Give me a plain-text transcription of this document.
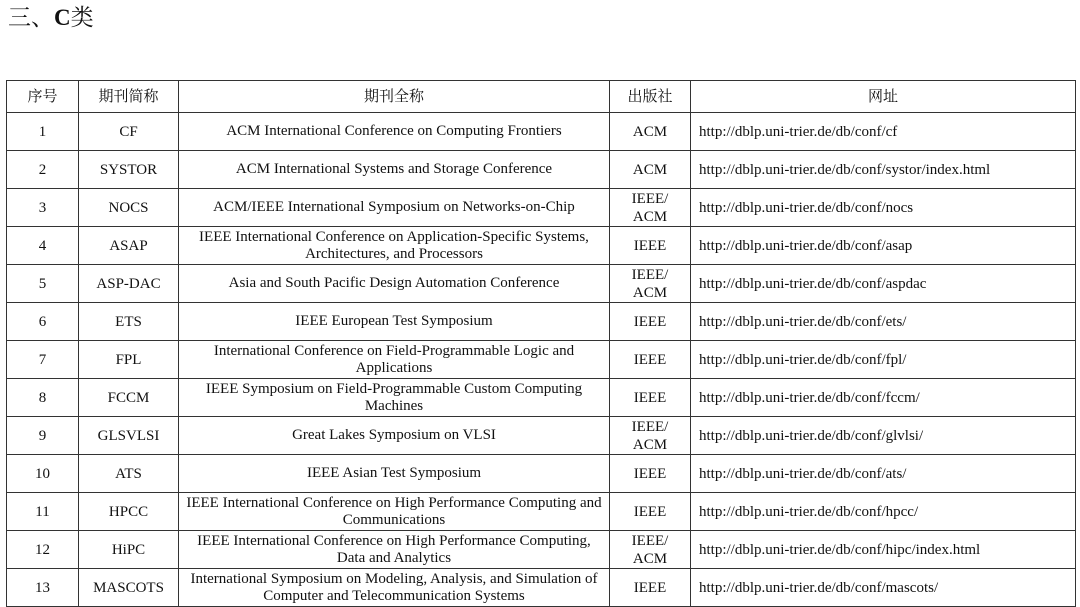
三、C类
序号	期刊简称	期刊全称	出版社	网址
1	CF	ACM International Conference on Computing Frontiers	ACM	http://dblp.uni-trier.de/db/conf/cf
2	SYSTOR	ACM International Systems and Storage Conference	ACM	http://dblp.uni-trier.de/db/conf/systor/index.html
3	NOCS	ACM/IEEE International Symposium on Networks-on-Chip	IEEE/ ACM	http://dblp.uni-trier.de/db/conf/nocs
4	ASAP	IEEE International Conference on Application-Specific Systems, Architectures, and Processors	IEEE	http://dblp.uni-trier.de/db/conf/asap
5	ASP-DAC	Asia and South Pacific Design Automation Conference	IEEE/ ACM	http://dblp.uni-trier.de/db/conf/aspdac
6	ETS	IEEE European Test Symposium	IEEE	http://dblp.uni-trier.de/db/conf/ets/
7	FPL	International Conference on Field-Programmable Logic and Applications	IEEE	http://dblp.uni-trier.de/db/conf/fpl/
8	FCCM	IEEE Symposium on Field-Programmable Custom Computing Machines	IEEE	http://dblp.uni-trier.de/db/conf/fccm/
9	GLSVLSI	Great Lakes Symposium on VLSI	IEEE/ ACM	http://dblp.uni-trier.de/db/conf/glvlsi/
10	ATS	IEEE Asian Test Symposium	IEEE	http://dblp.uni-trier.de/db/conf/ats/
11	HPCC	IEEE International Conference on High Performance Computing and Communications	IEEE	http://dblp.uni-trier.de/db/conf/hpcc/
12	HiPC	IEEE International Conference on High Performance Computing, Data and Analytics	IEEE/ ACM	http://dblp.uni-trier.de/db/conf/hipc/index.html
13	MASCOTS	International Symposium on Modeling, Analysis, and Simulation of Computer and Telecommunication Systems	IEEE	http://dblp.uni-trier.de/db/conf/mascots/
